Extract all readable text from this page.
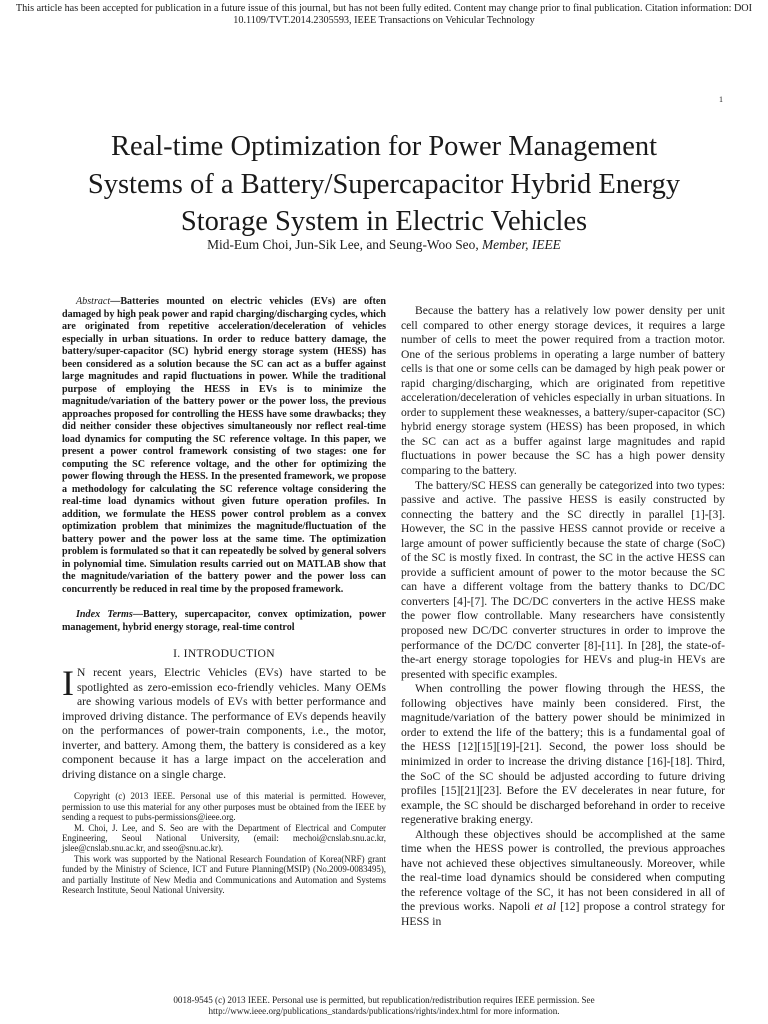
This article has been accepted for publication in a future issue of this journal, but has not been fully edited. Content may change prior to final publication. Citation information: DOI
10.1109/TVT.2014.2305593, IEEE Transactions on Vehicular Technology
1
Real-time Optimization for Power Management
Systems of a Battery/Supercapacitor Hybrid Energy
Storage System in Electric Vehicles
Mid-Eum Choi, Jun-Sik Lee, and Seung-Woo Seo, Member, IEEE

Abstract—Batteries mounted on electric vehicles (EVs) are often damaged by high peak power and rapid charging/discharging cycles, which are originated from repetitive acceleration/deceleration of vehicles especially in urban situations. In order to reduce battery damage, the battery/super-capacitor (SC) hybrid energy storage system (HESS) has been considered as a solution because the SC can act as a buffer against large magnitudes and rapid fluctuations in power. While the traditional purpose of employing the HESS in EVs is to minimize the magnitude/variation of the battery power or the power loss, the previous approaches proposed for controlling the HESS have some drawbacks; they did neither consider these objectives simultaneously nor reflect real-time load dynamics for computing the SC reference voltage. In this paper, we present a power control framework consisting of two stages: one for computing the SC reference voltage, and the other for optimizing the power flowing through the HESS. In the presented framework, we propose a methodology for calculating the SC reference voltage considering the real-time load dynamics without given future operation profiles. In addition, we formulate the HESS power control problem as a convex optimization problem that minimizes the magnitude/fluctuation of the battery power and the power loss at the same time. The optimization problem is formulated so that it can repeatedly be solved by general solvers in polynomial time. Simulation results carried out on MATLAB show that the magnitude/variation of the battery power and the power loss can concurrently be reduced in real time by the proposed framework.

Index Terms—Battery, supercapacitor, convex optimization, power management, hybrid energy storage, real-time control

I. INTRODUCTION

I N recent years, Electric Vehicles (EVs) have started to be spotlighted as zero-emission eco-friendly vehicles. Many OEMs are showing various models of EVs with better performance and improved driving distance. The performance of EVs depends heavily on the performances of power-train components, i.e., the motor, inverter, and battery. Among them, the battery is considered as a key component because it has a large impact on the acceleration and driving distance on a single charge.

Copyright (c) 2013 IEEE. Personal use of this material is permitted. However, permission to use this material for any other purposes must be obtained from the IEEE by sending a request to pubs-permissions@ieee.org.

M. Choi, J. Lee, and S. Seo are with the Department of Electrical and Computer Engineering, Seoul National University, (email: mechoi@cnslab.snu.ac.kr, jslee@cnslab.snu.ac.kr, and sseo@snu.ac.kr).

This work was supported by the National Research Foundation of Korea(NRF) grant funded by the Ministry of Science, ICT and Future Planning(MSIP) (No.2009-0083495), and partially Institute of New Media and Communications and Automation and Systems Research Institute, Seoul National University.

Because the battery has a relatively low power density per unit cell compared to other energy storage devices, it requires a large number of cells to meet the power required from a traction motor. One of the serious problems in operating a large number of battery cells is that one or some cells can be damaged by high peak power or rapid charging/discharging, which are originated from repetitive acceleration/deceleration of vehicles especially in urban situations. In order to supplement these weaknesses, a battery/super-capacitor (SC) hybrid energy storage system (HESS) has been proposed, in which the SC can act as a buffer against large magnitudes and rapid fluctuations in power because the SC has a high power density comparing to the battery.

The battery/SC HESS can generally be categorized into two types: passive and active. The passive HESS is easily constructed by connecting the battery and the SC directly in parallel [1]-[3]. However, the SC in the passive HESS cannot provide or receive a large amount of power sufficiently because the state of charge (SoC) of the SC is mostly fixed. In contrast, the SC in the active HESS can provide a sufficient amount of power to the motor because the SC can have a different voltage from the battery thanks to DC/DC converters [4]-[7]. The DC/DC converters in the active HESS make the power flow controllable. Many researchers have consistently proposed new DC/DC converter structures in order to improve the performance of the DC/DC converter [8]-[11]. In [28], the state-of-the-art energy storage topologies for HEVs and plug-in HEVs are presented with specific examples.

When controlling the power flowing through the HESS, the following objectives have mainly been considered. First, the magnitude/variation of the battery power should be minimized in order to extend the life of the battery; this is a fundamental goal of the HESS [12][15][19]-[21]. Second, the power loss should be minimized in order to increase the driving distance [16]-[18]. Third, the SoC of the SC should be adjusted according to future driving profiles [15][21][23]. Before the EV decelerates in near future, for example, the SC should be discharged beforehand in order to receive regenerative braking energy.

Although these objectives should be accomplished at the same time when the HESS power is controlled, the previous approaches have not achieved these objectives simultaneously. Moreover, while the real-time load dynamics should be considered when computing the reference voltage of the SC, it has not been considered in all of the previous works. Napoli et al [12] propose a control strategy for HESS in

0018-9545 (c) 2013 IEEE. Personal use is permitted, but republication/redistribution requires IEEE permission. See
http://www.ieee.org/publications_standards/publications/rights/index.html for more information.
